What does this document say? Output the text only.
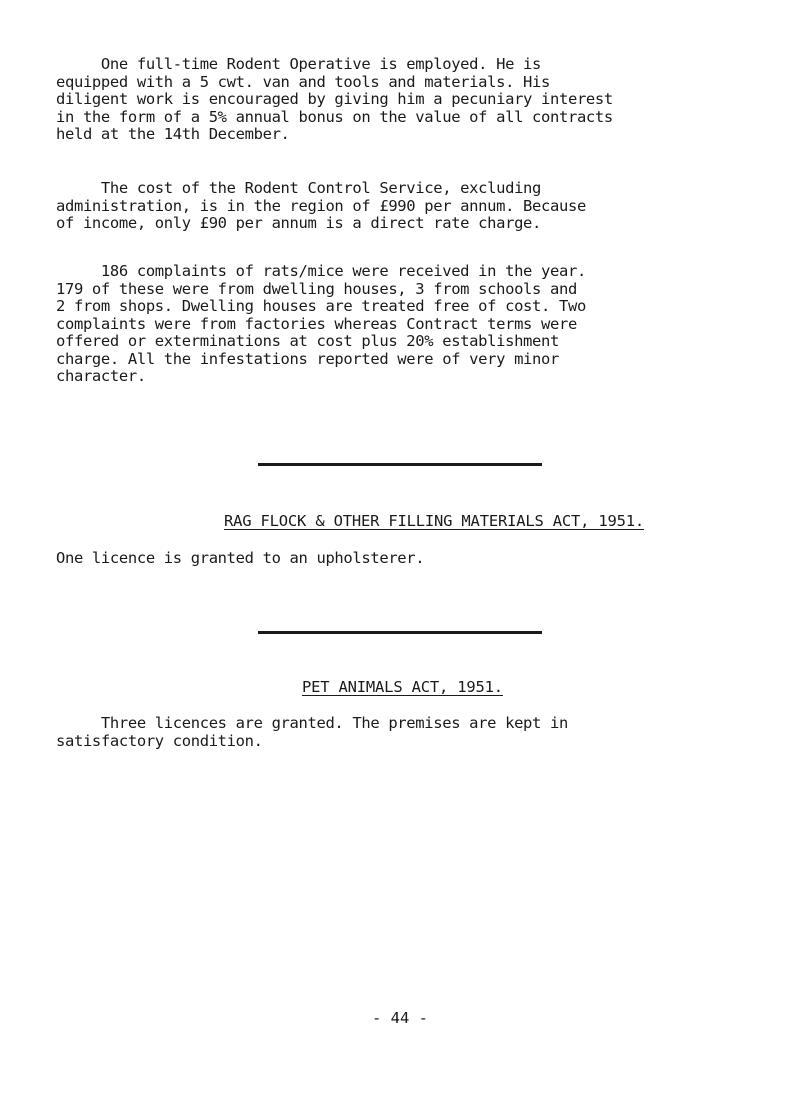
One full-time Rodent Operative is employed. He is
equipped with a 5 cwt. van and tools and materials. His
diligent work is encouraged by giving him a pecuniary interest
in the form of a 5% annual bonus on the value of all contracts
held at the 14th December.

The cost of the Rodent Control Service, excluding
administration, is in the region of £990 per annum. Because
of income, only £90 per annum is a direct rate charge.

186 complaints of rats/mice were received in the year.
179 of these were from dwelling houses, 3 from schools and
2 from shops. Dwelling houses are treated free of cost. Two
complaints were from factories whereas Contract terms were
offered or exterminations at cost plus 20% establishment
charge. All the infestations reported were of very minor
character.

RAG FLOCK & OTHER FILLING MATERIALS ACT, 1951.

One licence is granted to an upholsterer.

PET ANIMALS ACT, 1951.

Three licences are granted. The premises are kept in
satisfactory condition.

- 44 -
